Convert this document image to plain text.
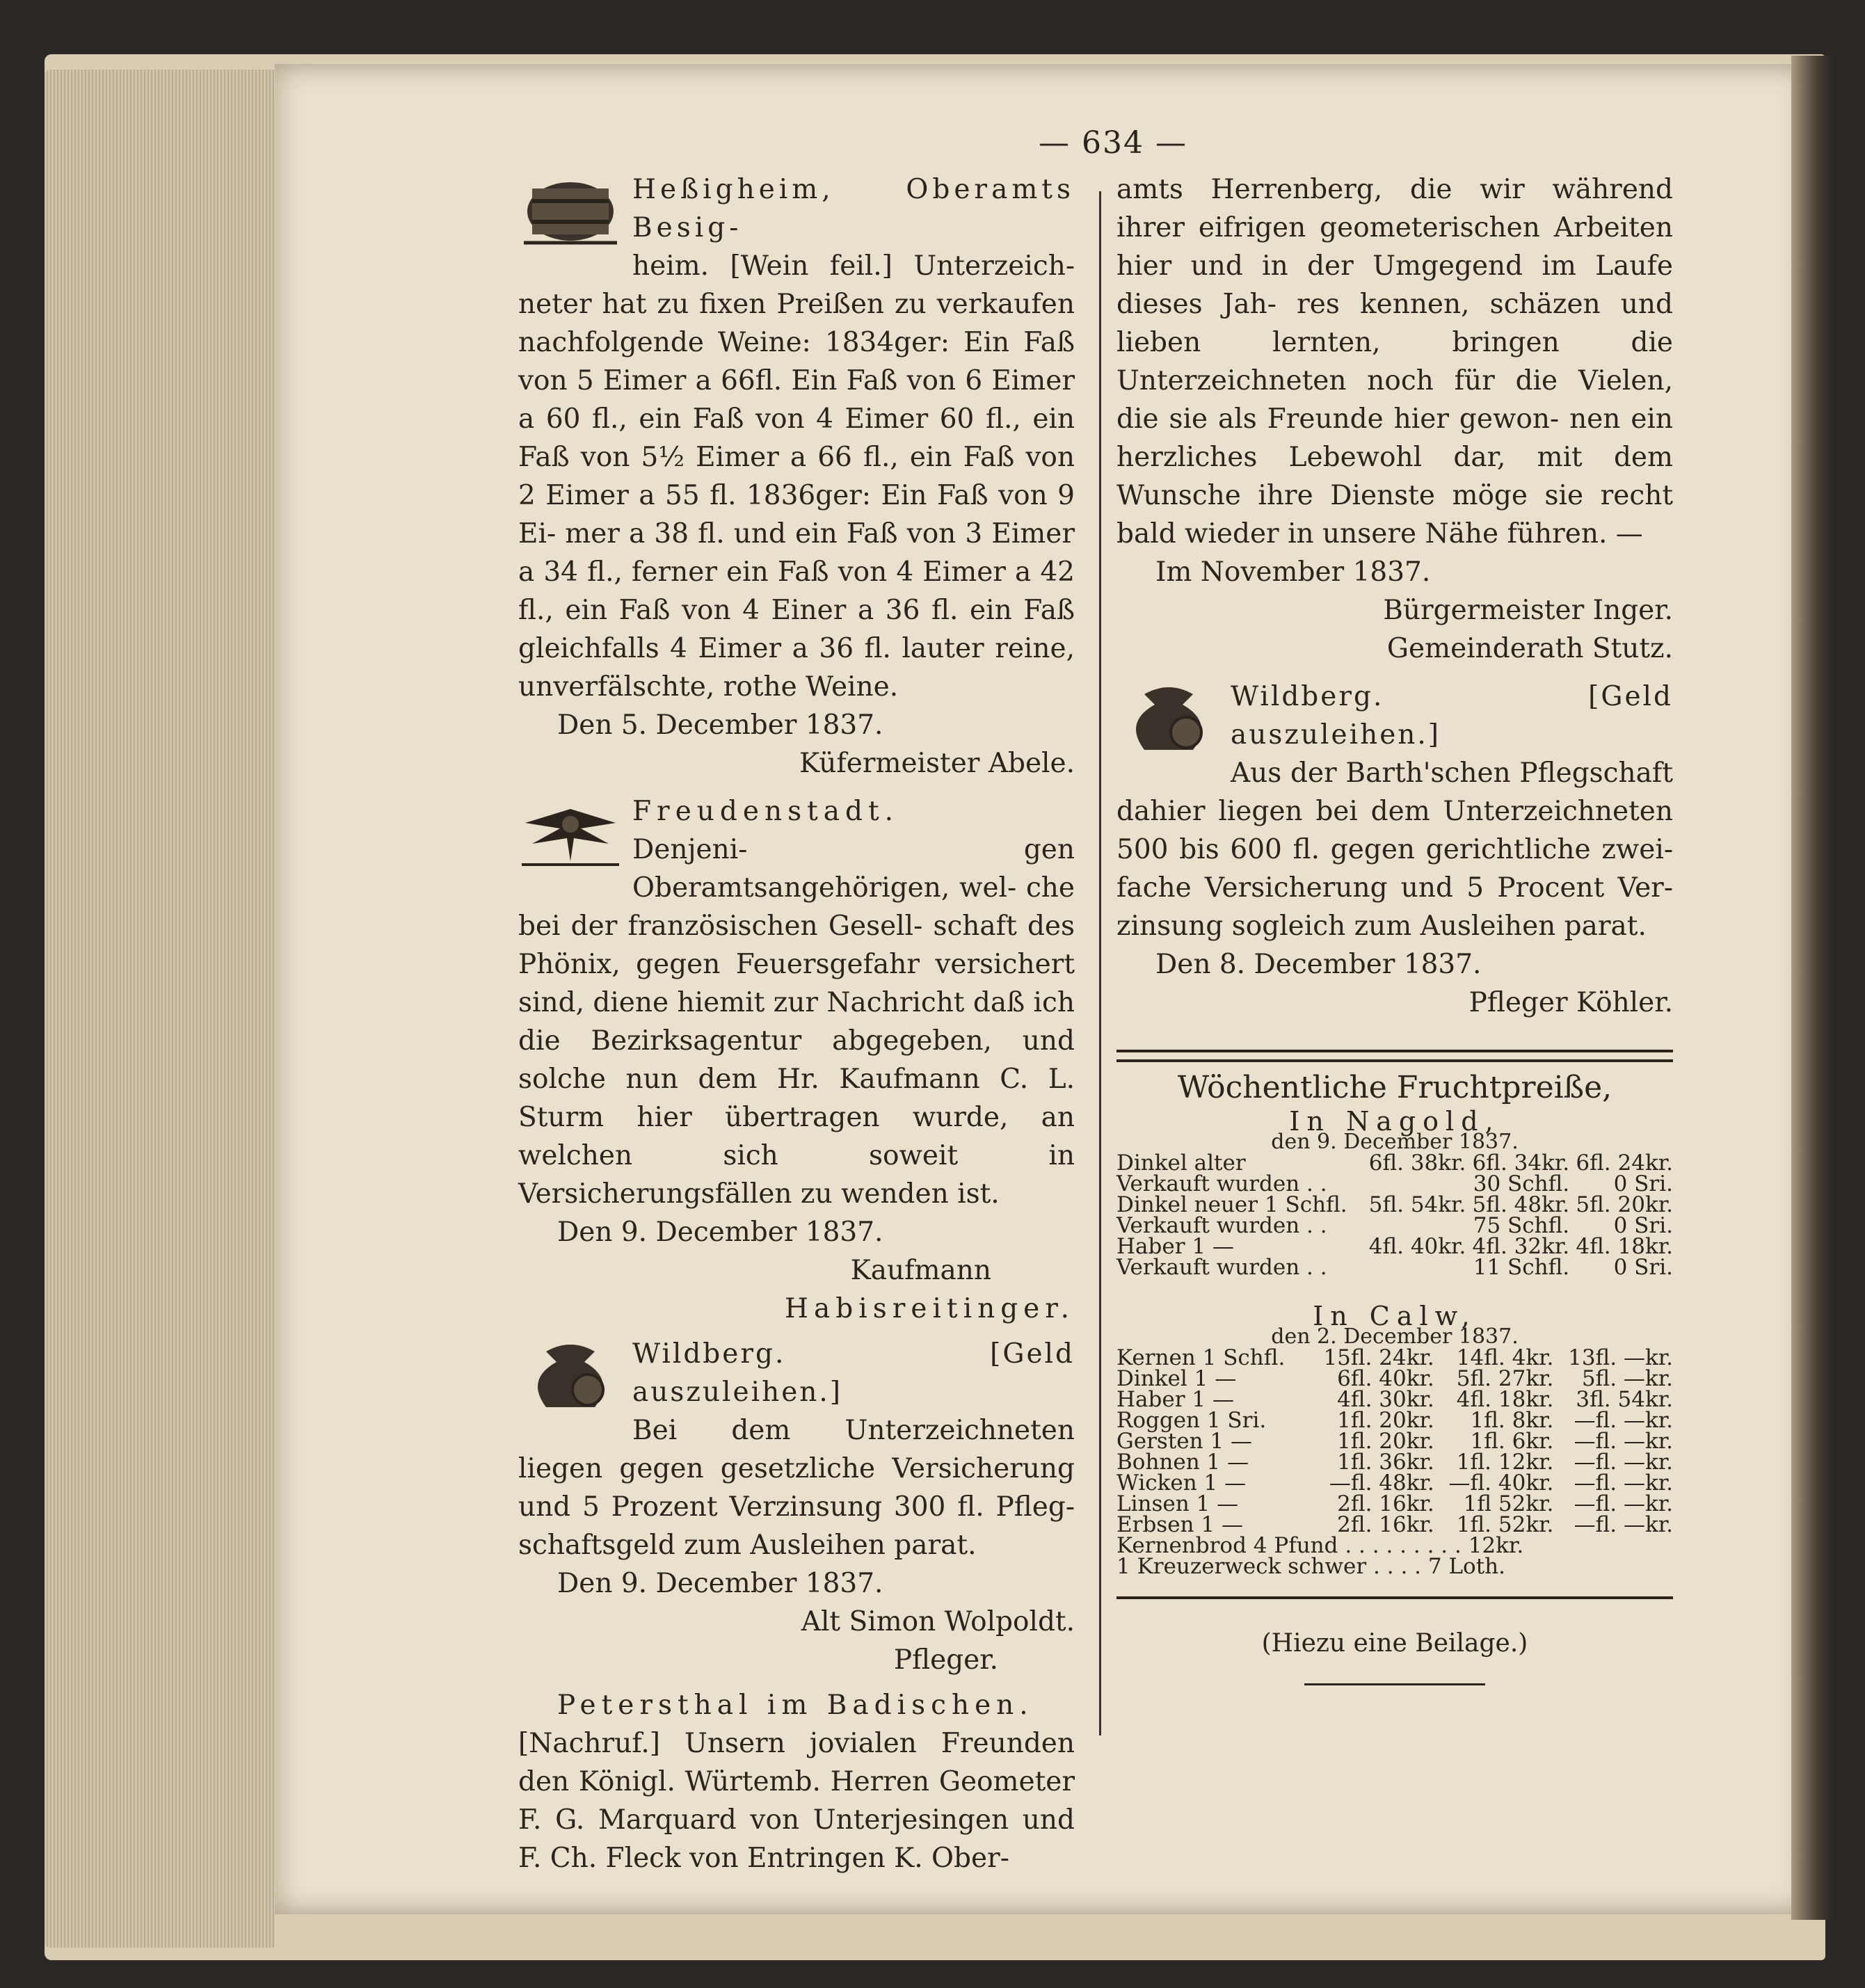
— 634 —

Heßigheim, Oberamts Besig-

heim. [Wein feil.] Unterzeich- neter hat zu fixen Preißen zu verkaufen nachfolgende Weine: 1834ger: Ein Faß von 5 Eimer a 66fl. Ein Faß von 6 Eimer a 60 fl., ein Faß von 4 Eimer 60 fl., ein Faß von 5½ Eimer a 66 fl., ein Faß von 2 Eimer a 55 fl. 1836ger: Ein Faß von 9 Ei- mer a 38 fl. und ein Faß von 3 Eimer a 34 fl., ferner ein Faß von 4 Eimer a 42 fl., ein Faß von 4 Einer a 36 fl. ein Faß gleichfalls 4 Eimer a 36 fl. lauter reine, unverfälschte, rothe Weine.

Den 5. December 1837.

Küfermeister Abele.

Freudenstadt.

Denjeni- gen Oberamtsangehörigen, wel- che bei der französischen Gesell- schaft des Phönix, gegen Feuersgefahr versichert sind, diene hiemit zur Nachricht daß ich die Bezirksagentur abgegeben, und solche nun dem Hr. Kaufmann C. L. Sturm hier übertragen wurde, an welchen sich soweit in Versicherungsfällen zu wenden ist.

Den 9. December 1837.

Kaufmann

Habisreitinger.

Wildberg. [Geld auszuleihen.]

Bei dem Unterzeichneten liegen gegen gesetzliche Versicherung und 5 Prozent Verzinsung 300 fl. Pfleg- schaftsgeld zum Ausleihen parat.

Den 9. December 1837.

Alt Simon Wolpoldt.

Pfleger.

Petersthal im Badischen.

[Nachruf.] Unsern jovialen Freunden den Königl. Würtemb. Herren Geometer F. G. Marquard von Unterjesingen und F. Ch. Fleck von Entringen K. Ober-

amts Herrenberg, die wir während ihrer eifrigen geometerischen Arbeiten hier und in der Umgegend im Laufe dieses Jah- res kennen, schäzen und lieben lernten, bringen die Unterzeichneten noch für die Vielen, die sie als Freunde hier gewon- nen ein herzliches Lebewohl dar, mit dem Wunsche ihre Dienste möge sie recht bald wieder in unsere Nähe führen. —

Im November 1837.

Bürgermeister Inger.

Gemeinderath Stutz.

Wildberg. [Geld auszuleihen.]

Aus der Barth'schen Pflegschaft dahier liegen bei dem Unterzeichneten 500 bis 600 fl. gegen gerichtliche zwei- fache Versicherung und 5 Procent Ver- zinsung sogleich zum Ausleihen parat.

Den 8. December 1837.

Pfleger Köhler.

Wöchentliche Fruchtpreiße,
In Nagold,
den 9. December 1837.
Dinkel alter	6fl. 38kr.	6fl. 34kr.	6fl. 24kr.
Verkauft wurden . .		30 Schfl.	0 Sri.
Dinkel neuer 1 Schfl.	5fl. 54kr.	5fl. 48kr.	5fl. 20kr.
Verkauft wurden . .		75 Schfl.	0 Sri.
Haber 1 —	4fl. 40kr.	4fl. 32kr.	4fl. 18kr.
Verkauft wurden . .		11 Schfl.	0 Sri.
In Calw,
den 2. December 1837.
Kernen 1 Schfl.	15fl. 24kr.	14fl. 4kr.	13fl. —kr.
Dinkel 1 —	6fl. 40kr.	5fl. 27kr.	5fl. —kr.
Haber 1 —	4fl. 30kr.	4fl. 18kr.	3fl. 54kr.
Roggen 1 Sri.	1fl. 20kr.	1fl. 8kr.	—fl. —kr.
Gersten 1 —	1fl. 20kr.	1fl. 6kr.	—fl. —kr.
Bohnen 1 —	1fl. 36kr.	1fl. 12kr.	—fl. —kr.
Wicken 1 —	—fl. 48kr.	—fl. 40kr.	—fl. —kr.
Linsen 1 —	2fl. 16kr.	1fl 52kr.	—fl. —kr.
Erbsen 1 —	2fl. 16kr.	1fl. 52kr.	—fl. —kr.
Kernenbrod 4 Pfund . . . . . . . . . 12kr.
1 Kreuzerweck schwer . . . . 7 Loth.
(Hiezu eine Beilage.)
